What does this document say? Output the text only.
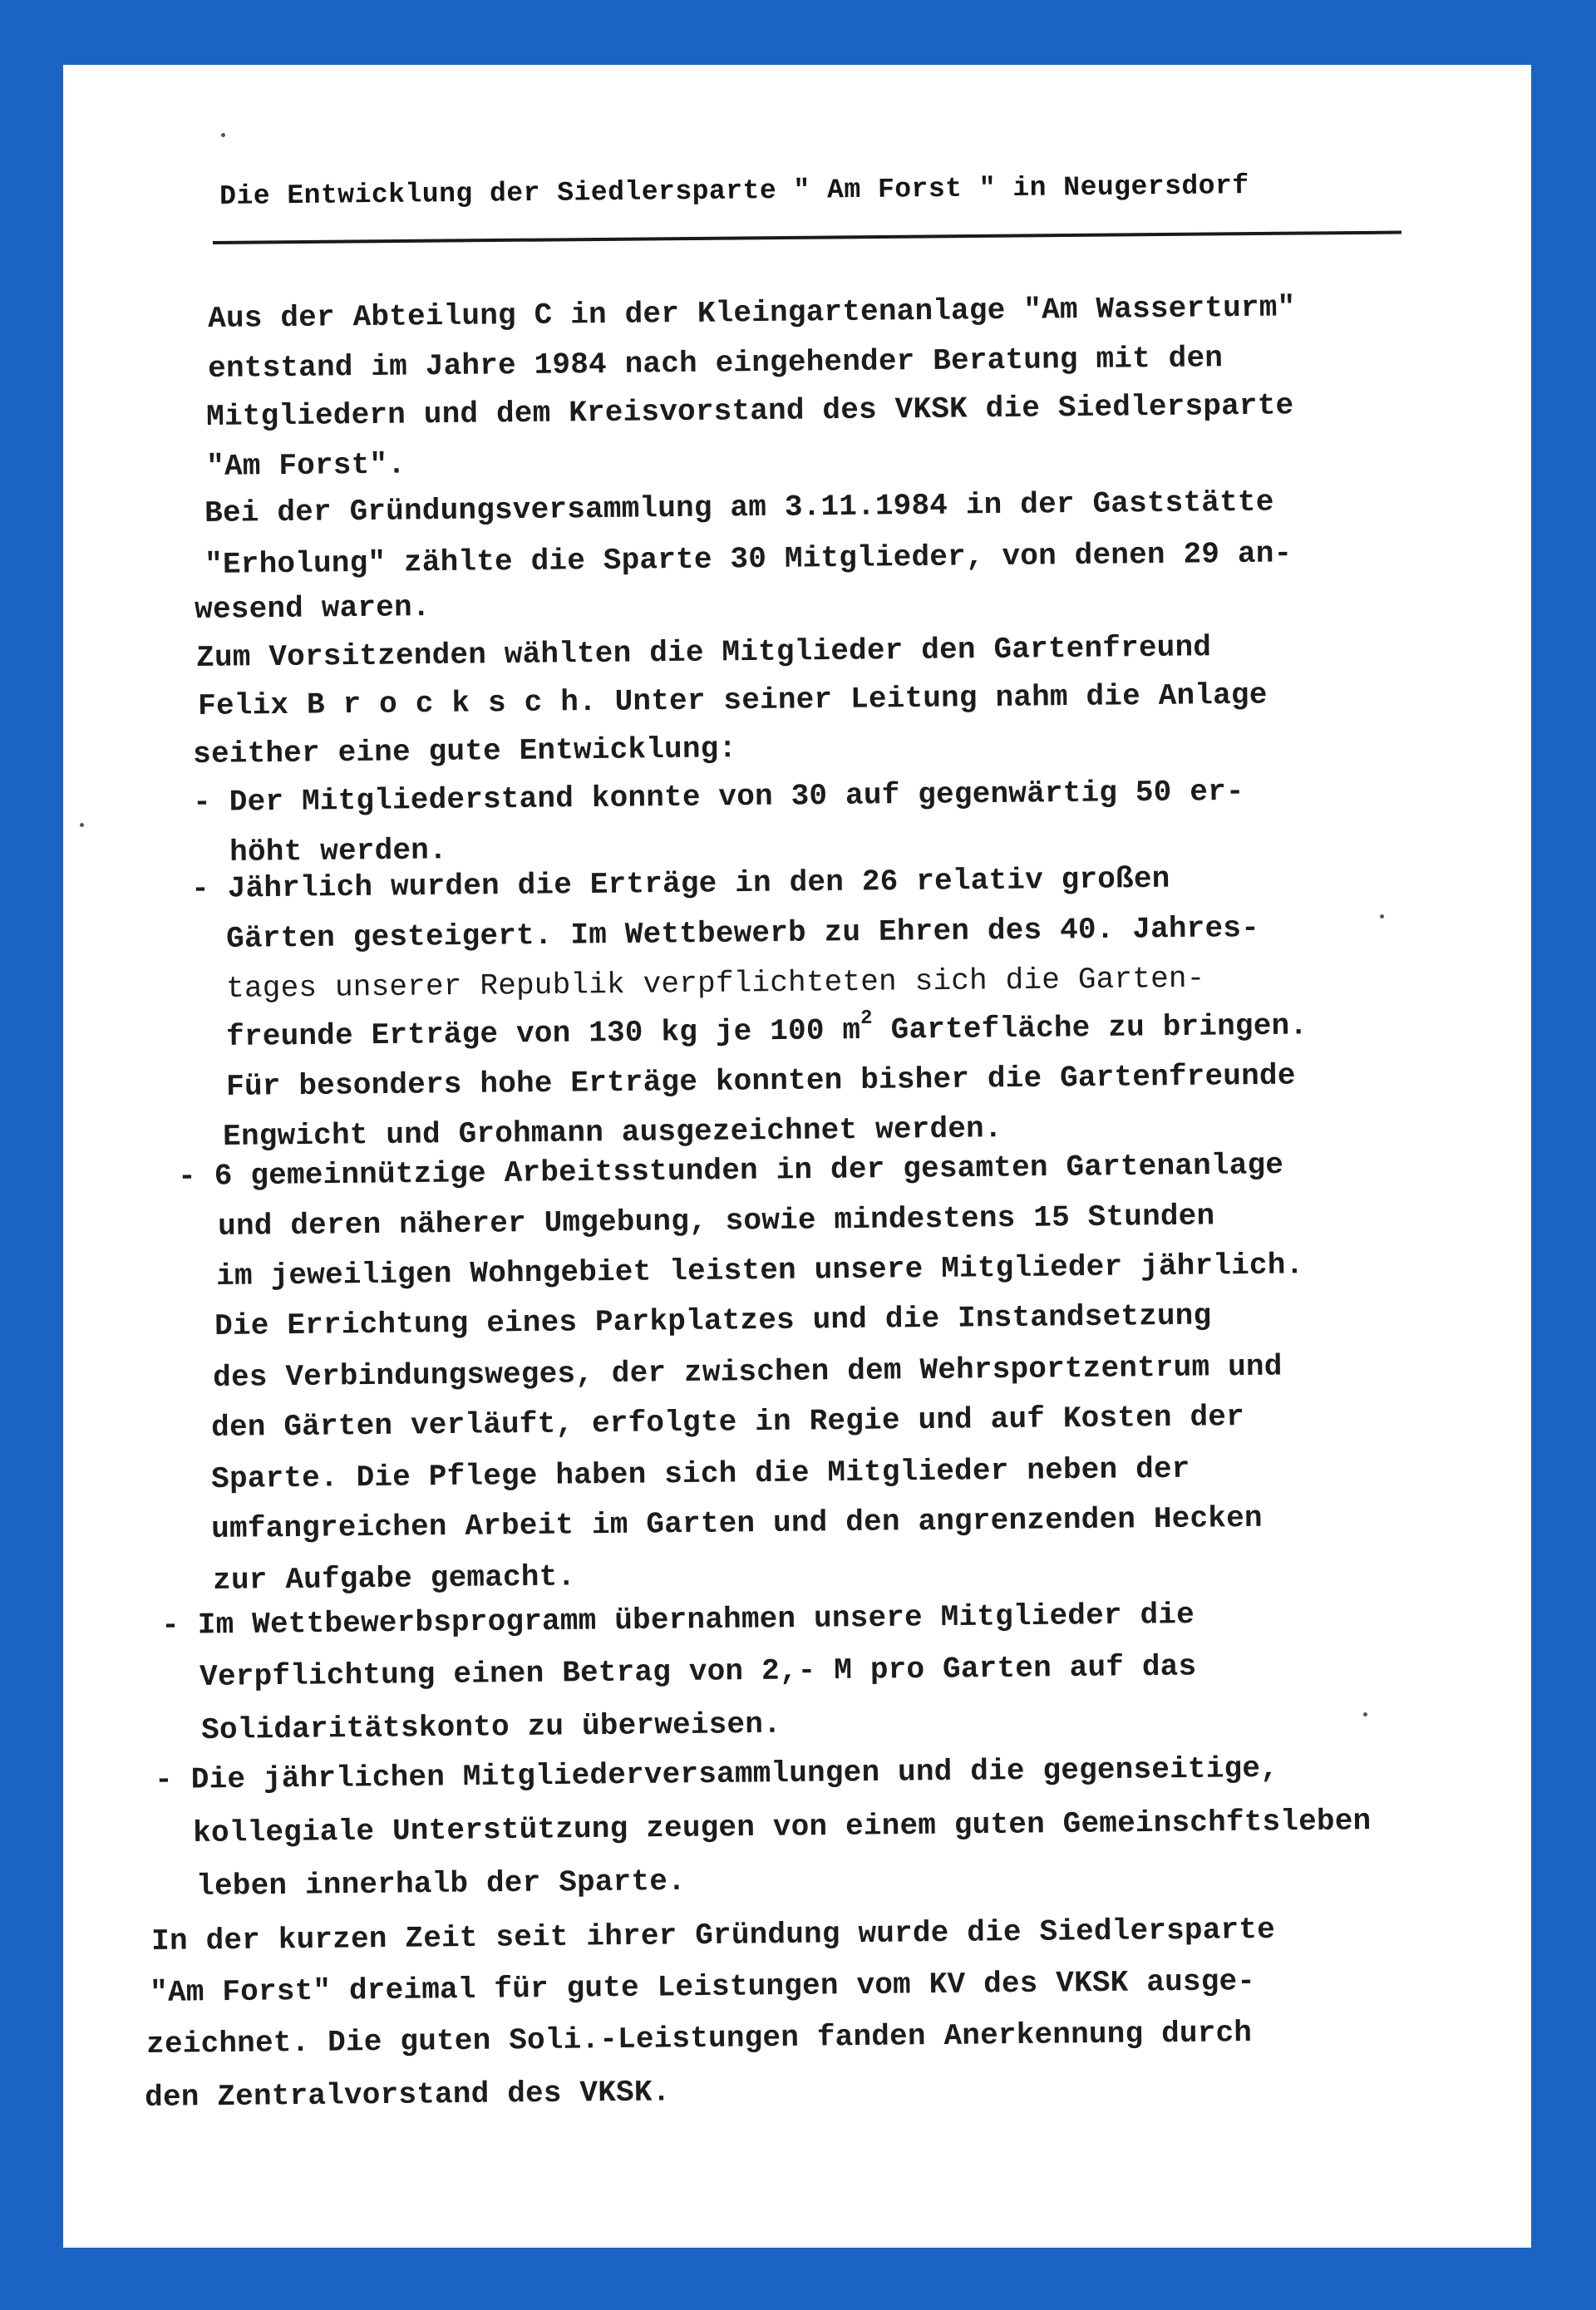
Die Entwicklung der Siedlersparte " Am Forst " in Neugersdorf
Aus der Abteilung C in der Kleingartenanlage "Am Wasserturm"
entstand im Jahre 1984 nach eingehender Beratung mit den
Mitgliedern und dem Kreisvorstand des VKSK die Siedlersparte
"Am Forst".
Bei der Gründungsversammlung am 3.11.1984 in der Gaststätte
"Erholung" zählte die Sparte 30 Mitglieder, von denen 29 an-
wesend waren.
Zum Vorsitzenden wählten die Mitglieder den Gartenfreund
Felix B r o c k s c h. Unter seiner Leitung nahm die Anlage
seither eine gute Entwicklung:
- Der Mitgliederstand konnte von 30 auf gegenwärtig 50 er-
höht werden.
- Jährlich wurden die Erträge in den 26 relativ großen
Gärten gesteigert. Im Wettbewerb zu Ehren des 40. Jahres-
tages unserer Republik verpflichteten sich die Garten-
freunde Erträge von 130 kg je 100 $m^2$ Gartefläche zu bringen.
Für besonders hohe Erträge konnten bisher die Gartenfreunde
Engwicht und Grohmann ausgezeichnet werden.
- 6 gemeinnützige Arbeitsstunden in der gesamten Gartenanlage
und deren näherer Umgebung, sowie mindestens 15 Stunden
im jeweiligen Wohngebiet leisten unsere Mitglieder jährlich.
Die Errichtung eines Parkplatzes und die Instandsetzung
des Verbindungsweges, der zwischen dem Wehrsportzentrum und
den Gärten verläuft, erfolgte in Regie und auf Kosten der
Sparte. Die Pflege haben sich die Mitglieder neben der
umfangreichen Arbeit im Garten und den angrenzenden Hecken
zur Aufgabe gemacht.
- Im Wettbewerbsprogramm übernahmen unsere Mitglieder die
Verpflichtung einen Betrag von 2,- M pro Garten auf das
Solidaritätskonto zu überweisen.
- Die jährlichen Mitgliederversammlungen und die gegenseitige,
kollegiale Unterstützung zeugen von einem guten Gemeinschftsleben
leben innerhalb der Sparte.
In der kurzen Zeit seit ihrer Gründung wurde die Siedlersparte
"Am Forst" dreimal für gute Leistungen vom KV des VKSK ausge-
zeichnet. Die guten Soli.-Leistungen fanden Anerkennung durch
den Zentralvorstand des VKSK.
